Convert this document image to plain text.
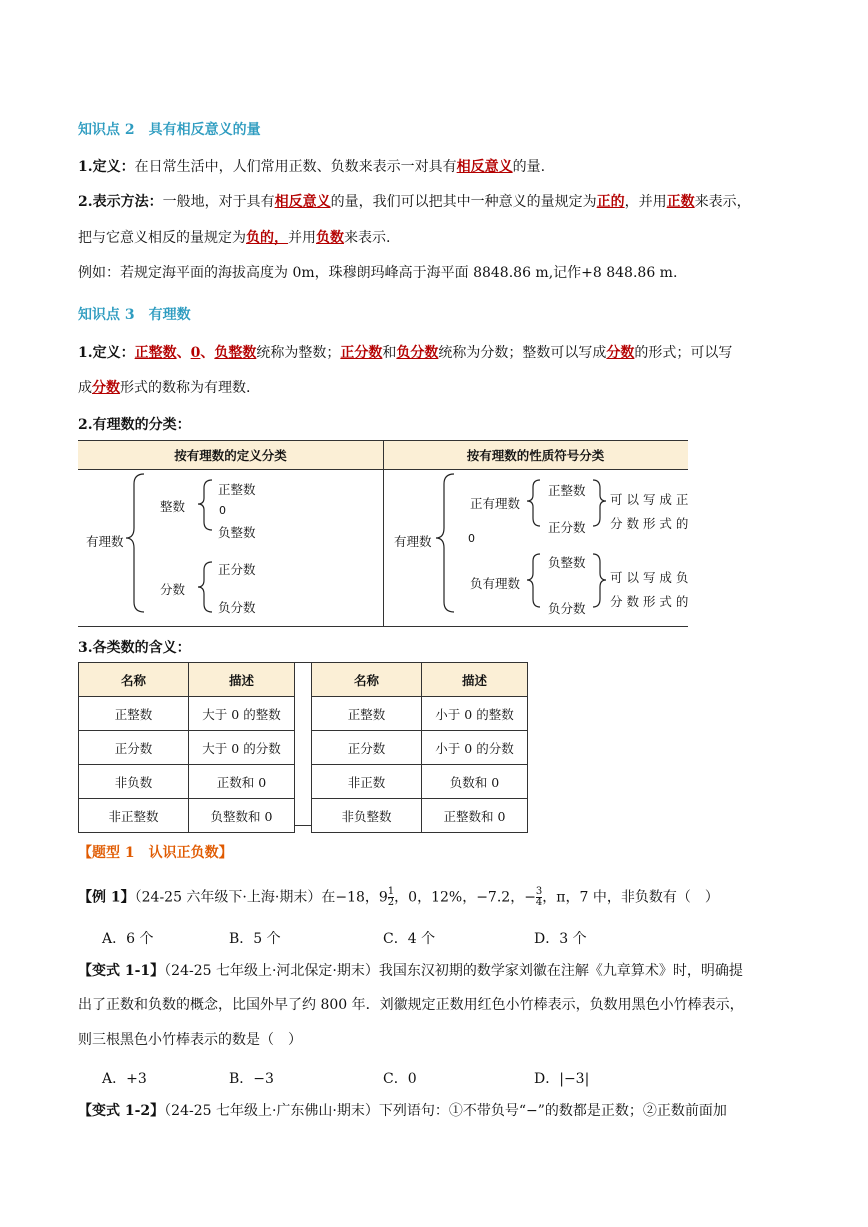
知识点 2　具有相反意义的量
1.定义：在日常生活中，人们常用正数、负数来表示一对具有相反意义的量.
2.表示方法：一般地，对于具有相反意义的量，我们可以把其中一种意义的量规定为正的，并用正数来表示，
把与它意义相反的量规定为负的，并用负数来表示.
例如：若规定海平面的海拔高度为 0m，珠穆朗玛峰高于海平面 8848.86 m,记作+8 848.86 m.
知识点 3　有理数
1.定义：正整数、0、负整数统称为整数；正分数和负分数统称为分数；整数可以写成分数的形式；可以写
成分数形式的数称为有理数.
2.有理数的分类：
按有理数的定义分类	按有理数的性质符号分类
有理数
整数
正整数
0
负整数
分数
正分数
负分数
有理数
正有理数
正整数
正分数
可 以 写 成 正
分 数 形 式 的
0
负有理数
负整数
负分数
可 以 写 成 负
分 数 形 式 的
3.各类数的含义：
名称	描述
正整数	大于 0 的整数
正分数	大于 0 的分数
非负数	正数和 0
非正整数	负整数和 0
名称	描述
正整数	小于 0 的整数
正分数	小于 0 的分数
非正数	负数和 0
非负整数	正整数和 0
【题型 1　认识正负数】
【例 1】（24-25 六年级下·上海·期末）在−18，$9 \frac{1}{2}$ ，0，12%，−7.2，− $\frac{3}{4}$ ，π，7 中，非负数有（　）
A．6 个	B．5 个	C．4 个	D．3 个
【变式 1-1】（24-25 七年级上·河北保定·期末）我国东汉初期的数学家刘徽在注解《九章算术》时，明确提
出了正数和负数的概念，比国外早了约 800 年．刘徽规定正数用红色小竹棒表示，负数用黑色小竹棒表示，
则三根黑色小竹棒表示的数是（　）
A．+3	B．−3	C．0	D．|−3|
【变式 1-2】（24-25 七年级上·广东佛山·期末）下列语句：①不带负号“−”的数都是正数；②正数前面加
